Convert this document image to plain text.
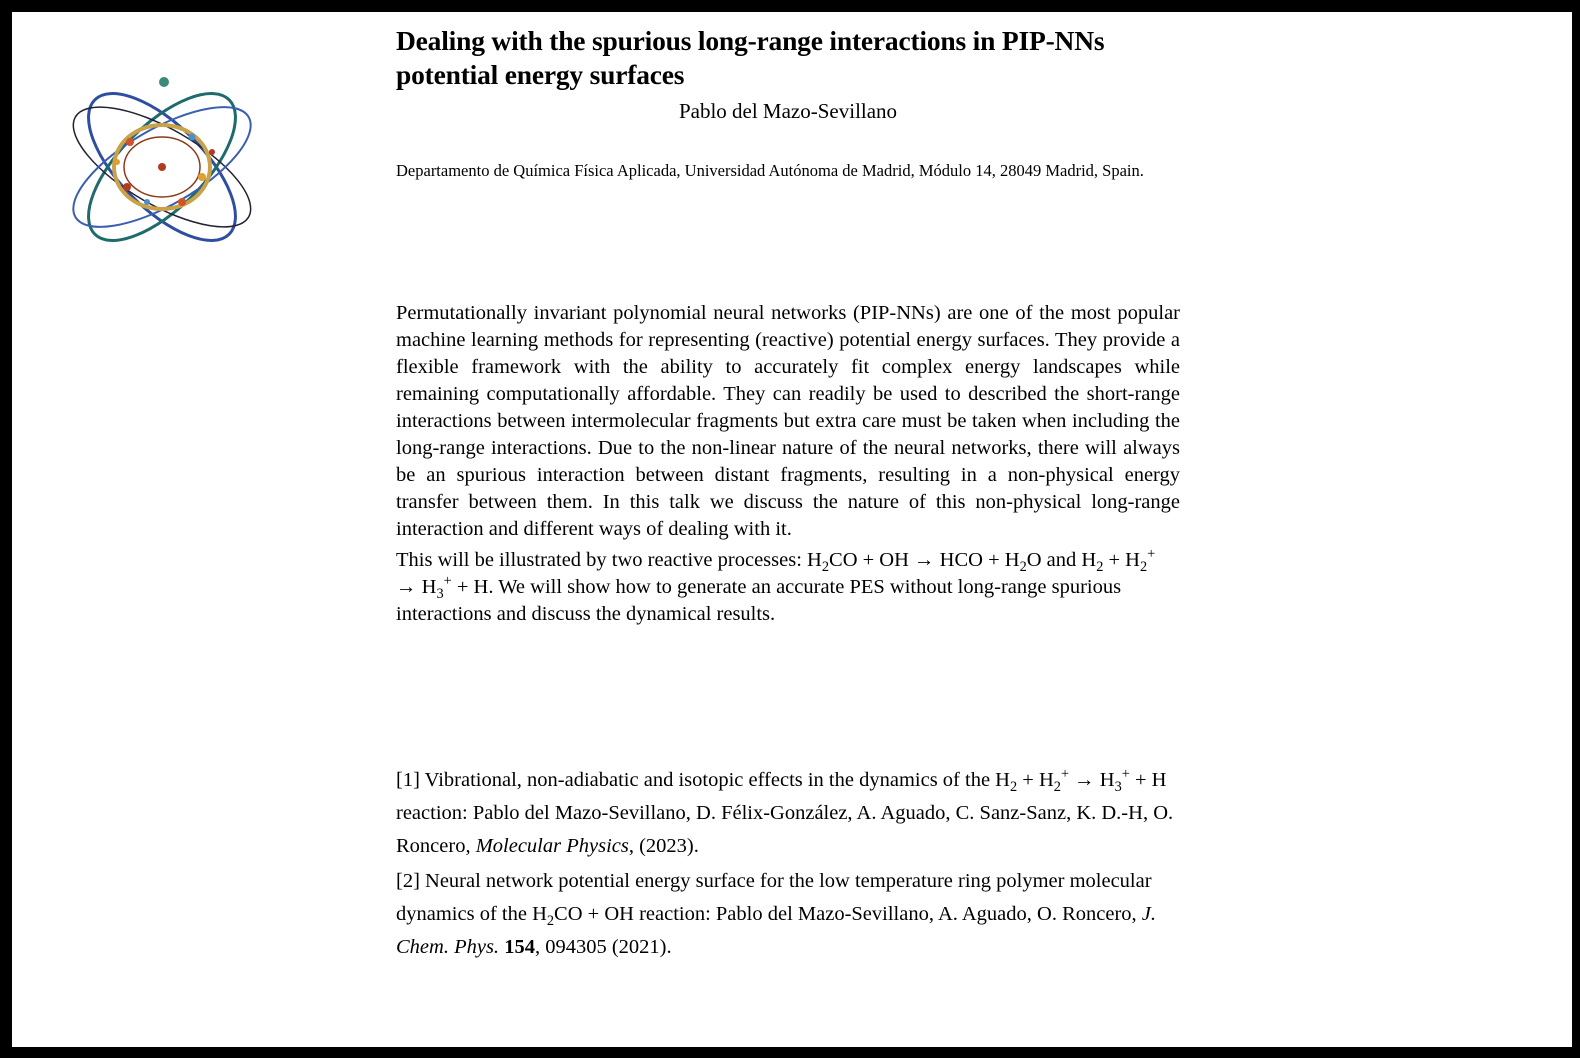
Dealing with the spurious long-range interactions in PIP-NNs potential energy surfaces
Pablo del Mazo-Sevillano
Departamento de Química Física Aplicada, Universidad Autónoma de Madrid, Módulo 14, 28049 Madrid, Spain.

Permutationally invariant polynomial neural networks (PIP-NNs) are one of the most popular machine learning methods for representing (reactive) potential energy surfaces. They provide a flexible framework with the ability to accurately fit complex energy landscapes while remaining computationally affordable. They can readily be used to described the short-range interactions between intermolecular fragments but extra care must be taken when including the long-range interactions. Due to the non-linear nature of the neural networks, there will always be an spurious interaction between distant fragments, resulting in a non-physical energy transfer between them. In this talk we discuss the nature of this non-physical long-range interaction and different ways of dealing with it.

This will be illustrated by two reactive processes: $H_2CO$ + OH → HCO + $H_2O$ and $H_2 + H_2^+ \to H_3^+ + H$. We will show how to generate an accurate PES without long-range spurious interactions and discuss the dynamical results.

[1] Vibrational, non-adiabatic and isotopic effects in the dynamics of the $H_2 + H_2^+ \to H_3^+ + H$ reaction: Pablo del Mazo-Sevillano, D. Félix-González, A. Aguado, C. Sanz-Sanz, K. D.-H, O. Roncero, Molecular Physics, (2023).

[2] Neural network potential energy surface for the low temperature ring polymer molecular dynamics of the $H_2CO$ + OH reaction: Pablo del Mazo-Sevillano, A. Aguado, O. Roncero, J. Chem. Phys. 154, 094305 (2021).
